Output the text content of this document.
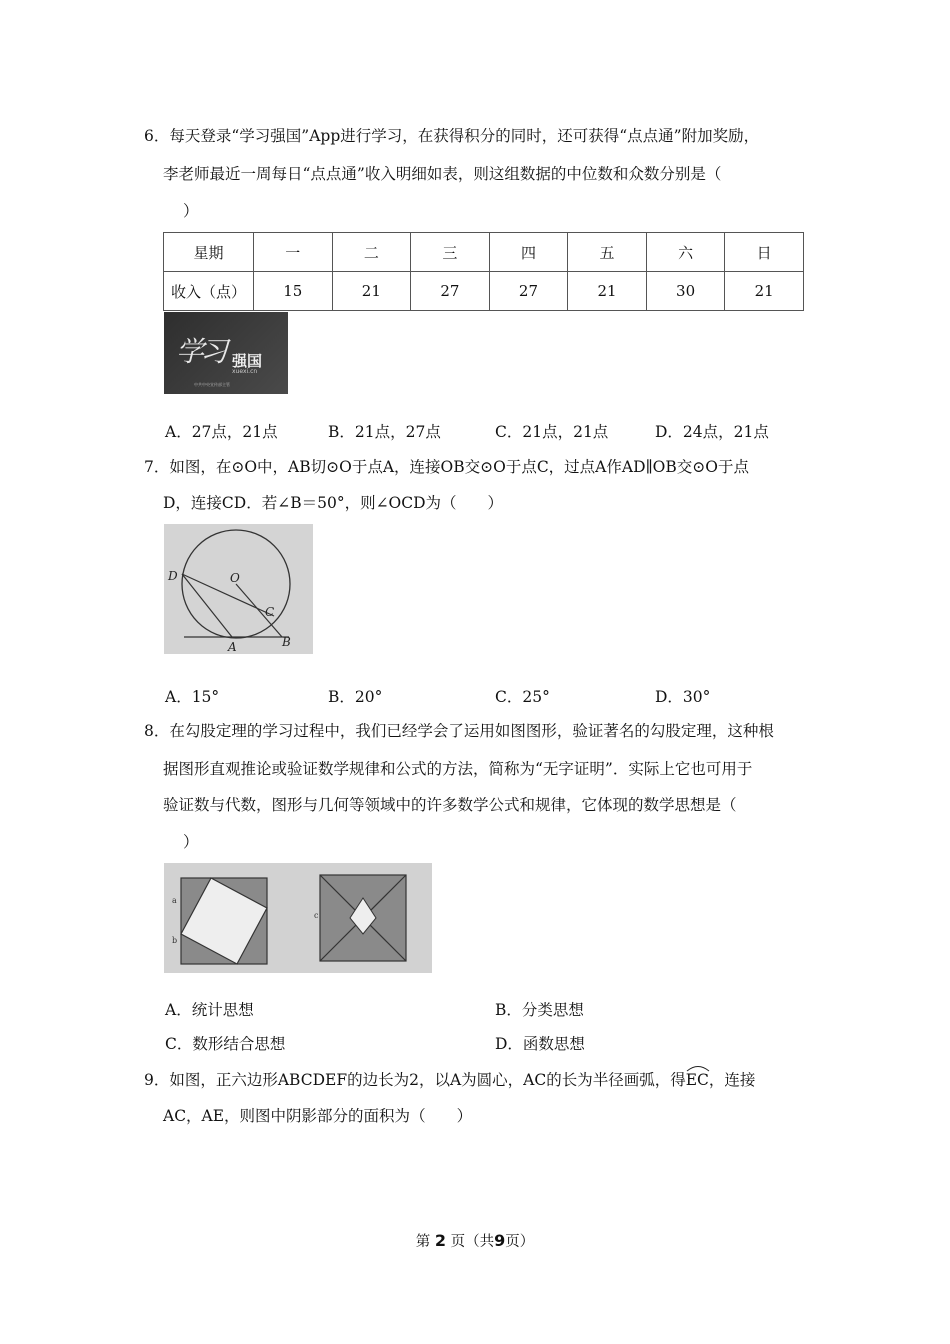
6．每天登录“学习强国”App进行学习，在获得积分的同时，还可获得“点点通”附加奖励，
李老师最近一周每日“点点通”收入明细如表，则这组数据的中位数和众数分别是（
）
星期	一	二	三	四	五	六	日
收入（点）	15	21	27	27	21	30	21
学习 强国
xuexi.cn
中共中央宣传部主管
A．27点，21点	B．21点，27点	C．21点，21点	D．24点，21点
7．如图，在⊙O中，AB切⊙O于点A，连接OB交⊙O于点C，过点A作AD∥OB交⊙O于点
D，连接CD．若∠B＝50°，则∠OCD为（　　）
D	O
C
A	B
A．15°	B．20°	C．25°	D．30°
8．在勾股定理的学习过程中，我们已经学会了运用如图图形，验证著名的勾股定理，这种根
据图形直观推论或验证数学规律和公式的方法，简称为“无字证明”．实际上它也可用于
验证数与代数，图形与几何等领域中的许多数学公式和规律，它体现的数学思想是（
）
a
b
c
A．统计思想	B．分类思想
C．数形结合思想	D．函数思想
9．如图，正六边形ABCDEF的边长为2，以A为圆心，AC的长为半径画弧，得
EC，连接
AC，AE，则图中阴影部分的面积为（　　）
第 2 页（共9页）
